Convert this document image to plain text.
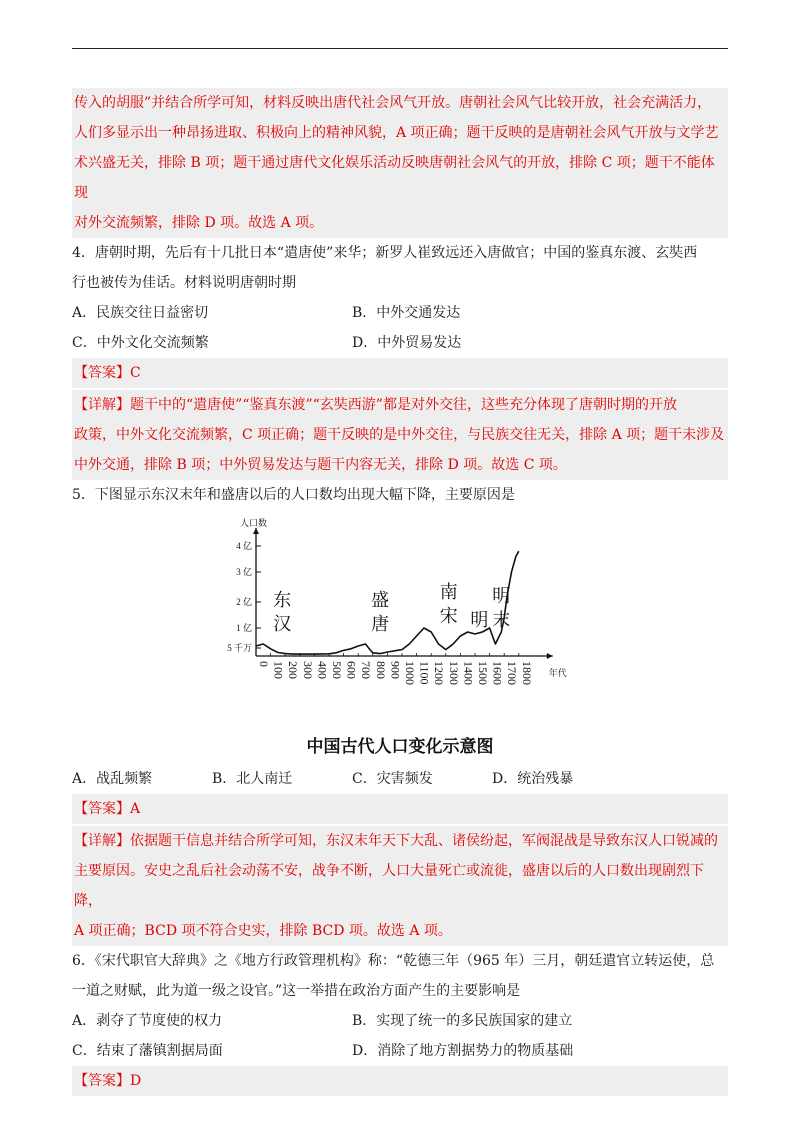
传入的胡服”并结合所学可知，材料反映出唐代社会风气开放。唐朝社会风气比较开放，社会充满活力，
人们多显示出一种昂扬进取、积极向上的精神风貌，A 项正确；题干反映的是唐朝社会风气开放与文学艺
术兴盛无关，排除 B 项；题干通过唐代文化娱乐活动反映唐朝社会风气的开放，排除 C 项；题干不能体现
对外交流频繁，排除 D 项。故选 A 项。
4．唐朝时期，先后有十几批日本“遣唐使”来华；新罗人崔致远还入唐做官；中国的鉴真东渡、玄奘西
行也被传为佳话。材料说明唐朝时期
A．民族交往日益密切	B．中外交通发达
C．中外文化交流频繁	D．中外贸易发达
【答案】C
【详解】题干中的“遣唐使”“鉴真东渡”“玄奘西游”都是对外交往，这些充分体现了唐朝时期的开放
政策，中外文化交流频繁，C 项正确；题干反映的是中外交往，与民族交往无关，排除 A 项；题干未涉及
中外交通，排除 B 项；中外贸易发达与题干内容无关，排除 D 项。故选 C 项。
5．下图显示东汉末年和盛唐以后的人口数均出现大幅下降，主要原因是
人口数
年代
5 千万
1 亿
2 亿
3 亿
4 亿
0 100 200 300 400 500 600 700 800 900 1000 1100 1200 1300 1400 1500 1600 1700 1800
东
汉
盛
唐
南
宋 明
明
末
中国古代人口变化示意图
A．战乱频繁	B．北人南迁	C．灾害频发	D．统治残暴
【答案】A
【详解】依据题干信息并结合所学可知，东汉末年天下大乱、诸侯纷起，军阀混战是导致东汉人口锐减的
主要原因。安史之乱后社会动荡不安，战争不断，人口大量死亡或流徙，盛唐以后的人口数出现剧烈下降，
A 项正确；BCD 项不符合史实，排除 BCD 项。故选 A 项。
6．《宋代职官大辞典》之《地方行政管理机构》称：“乾德三年（965 年）三月，朝廷遣官立转运使，总
一道之财赋，此为道一级之设官。”这一举措在政治方面产生的主要影响是
A．剥夺了节度使的权力	B．实现了统一的多民族国家的建立
C．结束了藩镇割据局面	D．消除了地方割据势力的物质基础
【答案】D
